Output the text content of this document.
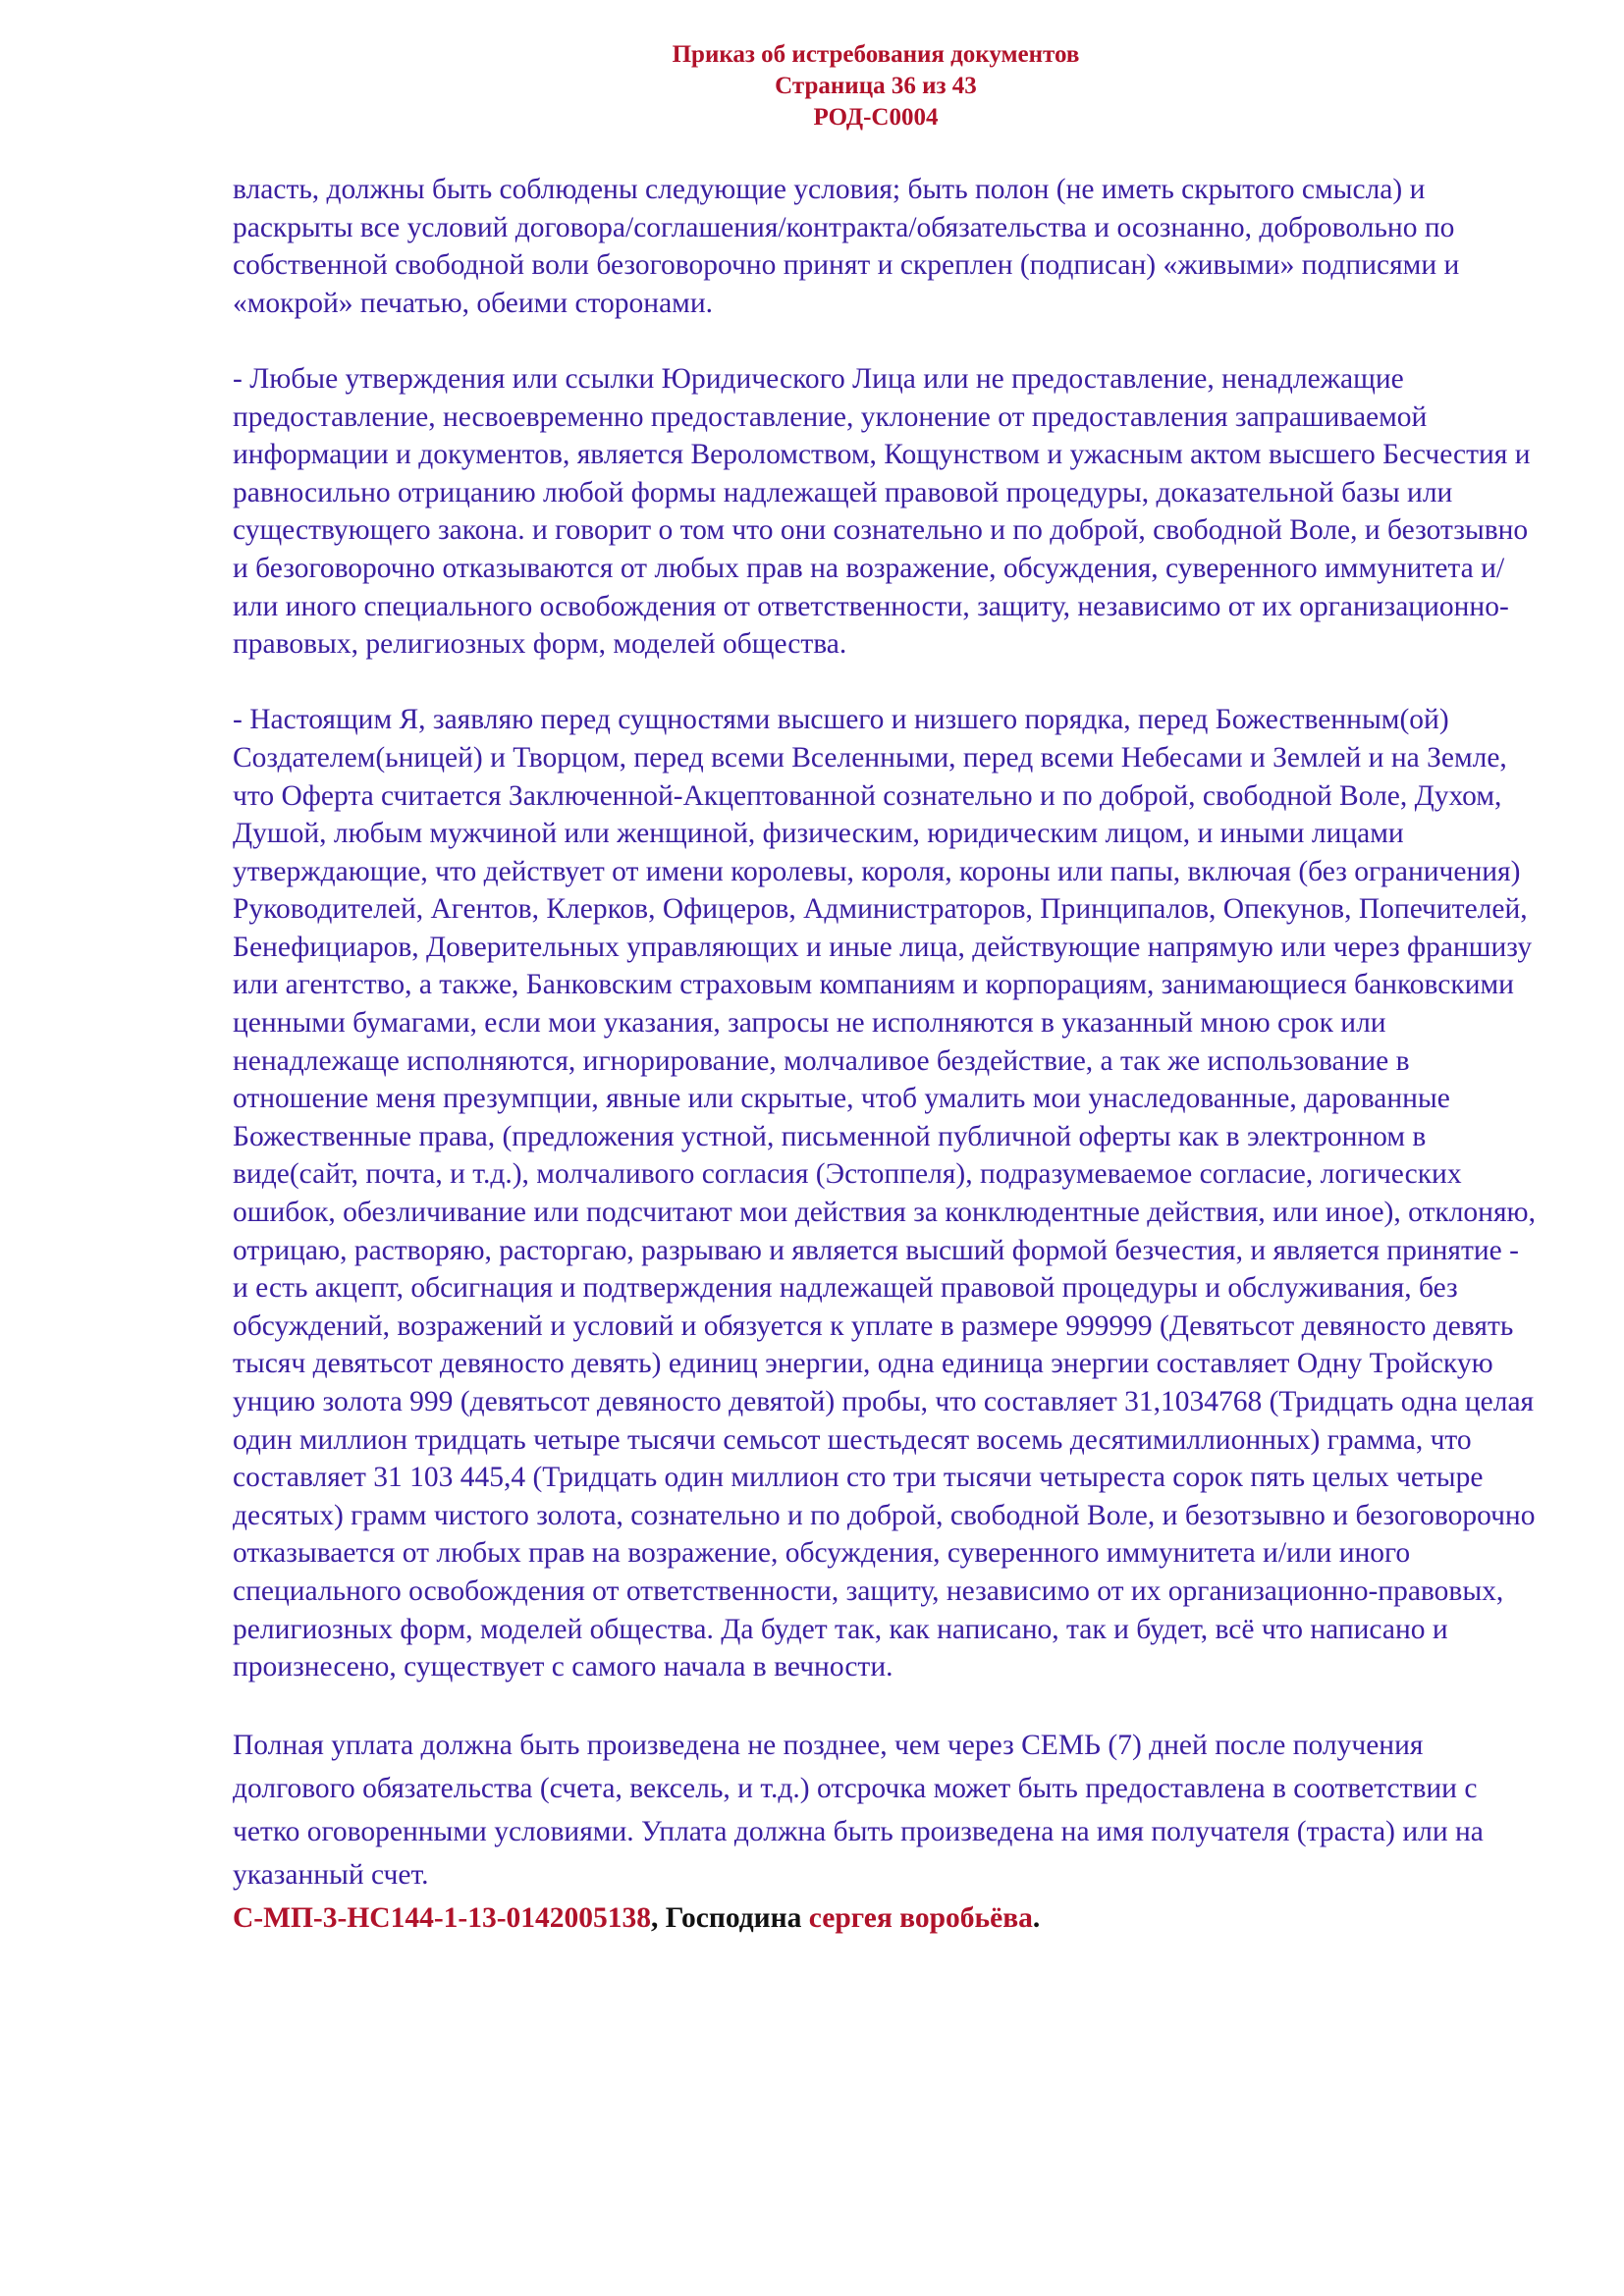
Приказ об истребования документов
Страница 36 из 43
РОД-С0004

власть, должны быть соблюдены следующие условия; быть полон (не иметь скрытого смысла) и раскрыты все условий договора/соглашения/контракта/обязательства и осознанно, добровольно по собственной свободной воли безоговорочно принят и скреплен (подписан) «живыми» подписями и «мокрой» печатью, обеими сторонами.

- Любые утверждения или ссылки Юридического Лица или не предоставление, ненадлежащие предоставление, несвоевременно предоставление, уклонение от предоставления запрашиваемой информации и документов, является Вероломством, Кощунством и ужасным актом высшего Бесчестия и равносильно отрицанию любой формы надлежащей правовой процедуры, доказательной базы или существующего закона. и говорит о том что они сознательно и по доброй, свободной Воле, и безотзывно и безоговорочно отказываются от любых прав на возражение, обсуждения, суверенного иммунитета и/или иного специального освобождения от ответственности, защиту, независимо от их организационно-правовых, религиозных форм, моделей общества.

- Настоящим Я, заявляю перед сущностями высшего и низшего порядка, перед Божественным(ой) Создателем(ьницей) и Творцом, перед всеми Вселенными, перед всеми Небесами и Землей и на Земле, что Оферта считается Заключенной-Акцептованной сознательно и по доброй, свободной Воле, Духом, Душой, любым мужчиной или женщиной, физическим, юридическим лицом, и иными лицами утверждающие, что действует от имени королевы, короля, короны или папы, включая (без ограничения) Руководителей, Агентов, Клерков, Офицеров, Администраторов, Принципалов, Опекунов, Попечителей, Бенефициаров, Доверительных управляющих и иные лица, действующие напрямую или через франшизу или агентство, а также, Банковским страховым компаниям и корпорациям, занимающиеся банковскими ценными бумагами, если мои указания, запросы не исполняются в указанный мною срок или ненадлежаще исполняются, игнорирование, молчаливое бездействие, а так же использование в отношение меня презумпции, явные или скрытые, чтоб умалить мои унаследованные, дарованные Божественные права, (предложения устной, письменной публичной оферты как в электронном в виде(сайт, почта, и т.д.), молчаливого согласия (Эстоппеля), подразумеваемое согласие, логических ошибок, обезличивание или подсчитают мои действия за конклюдентные действия, или иное), отклоняю, отрицаю, растворяю, расторгаю, разрываю и является высший формой безчестия, и является принятие - и есть акцепт, обсигнация и подтверждения надлежащей правовой процедуры и обслуживания, без обсуждений, возражений и условий и обязуется к уплате в размере 999999 (Девятьсот девяносто девять тысяч девятьсот девяносто девять) единиц энергии, одна единица энергии составляет Одну Тройскую унцию золота 999 (девятьсот девяносто девятой) пробы, что составляет 31,1034768 (Тридцать одна целая один миллион тридцать четыре тысячи семьсот шестьдесят восемь десятимиллионных) грамма, что составляет 31 103 445,4 (Тридцать один миллион сто три тысячи четыреста сорок пять целых четыре десятых) грамм чистого золота, сознательно и по доброй, свободной Воле, и безотзывно и безоговорочно отказывается от любых прав на возражение, обсуждения, суверенного иммунитета и/или иного специального освобождения от ответственности, защиту, независимо от их организационно-правовых, религиозных форм, моделей общества. Да будет так, как написано, так и будет, всё что написано и произнесено, существует с самого начала в вечности.

Полная уплата должна быть произведена не позднее, чем через СЕМЬ (7) дней после получения долгового обязательства (счета, вексель, и т.д.) отсрочка может быть предоставлена в соответствии с четко оговоренными условиями. Уплата должна быть произведена на имя получателя (траста) или на указанный счет.

С-МП-3-НС144-1-13-0142005138, Господина сергея воробьёва.
